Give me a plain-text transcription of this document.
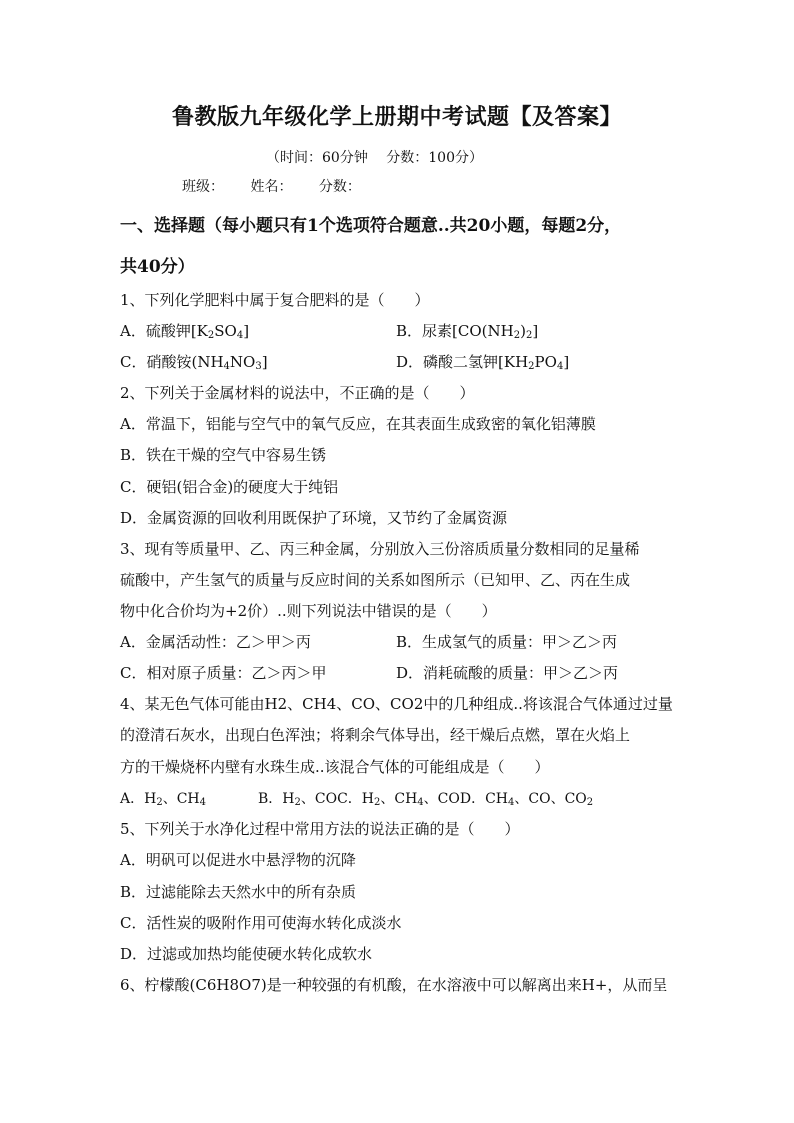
鲁教版九年级化学上册期中考试题【及答案】
（时间：60分钟　 分数：100分）
班级： 姓名： 分数：
一、选择题（每小题只有1个选项符合题意..共20小题，每题2分，
共40分）
1、下列化学肥料中属于复合肥料的是（　　）
A．硫酸钾$[K_2SO_4]$	B．尿素$[CO(NH_2)_2]$
C．硝酸铵$(NH_4NO_3]$	D．磷酸二氢钾$[KH_2PO_4]$
2、下列关于金属材料的说法中，不正确的是（　　）
A．常温下，铝能与空气中的氧气反应，在其表面生成致密的氧化铝薄膜
B．铁在干燥的空气中容易生锈
C．硬铝(铝合金)的硬度大于纯铝
D．金属资源的回收利用既保护了环境，又节约了金属资源
3、现有等质量甲、乙、丙三种金属，分别放入三份溶质质量分数相同的足量稀
硫酸中，产生氢气的质量与反应时间的关系如图所示（已知甲、乙、丙在生成
物中化合价均为+2价）..则下列说法中错误的是（　　）
A．金属活动性：乙＞甲＞丙	B．生成氢气的质量：甲＞乙＞丙
C．相对原子质量：乙＞丙＞甲	D．消耗硫酸的质量：甲＞乙＞丙
4、某无色气体可能由H2、CH4、CO、CO2中的几种组成..将该混合气体通过过量
的澄清石灰水，出现白色浑浊；将剩余气体导出，经干燥后点燃，罩在火焰上
方的干燥烧杯内壁有水珠生成..该混合气体的可能组成是（　　）
A．$H_2$、$CH_4$	B．$H_2$、COC．$H_2$、$CH_4$、COD．$CH_4$、CO、$CO_2$
5、下列关于水净化过程中常用方法的说法正确的是（　　）
A．明矾可以促进水中悬浮物的沉降
B．过滤能除去天然水中的所有杂质
C．活性炭的吸附作用可使海水转化成淡水
D．过滤或加热均能使硬水转化成软水
6、柠檬酸(C6H8O7)是一种较强的有机酸，在水溶液中可以解离出来H+，从而呈
